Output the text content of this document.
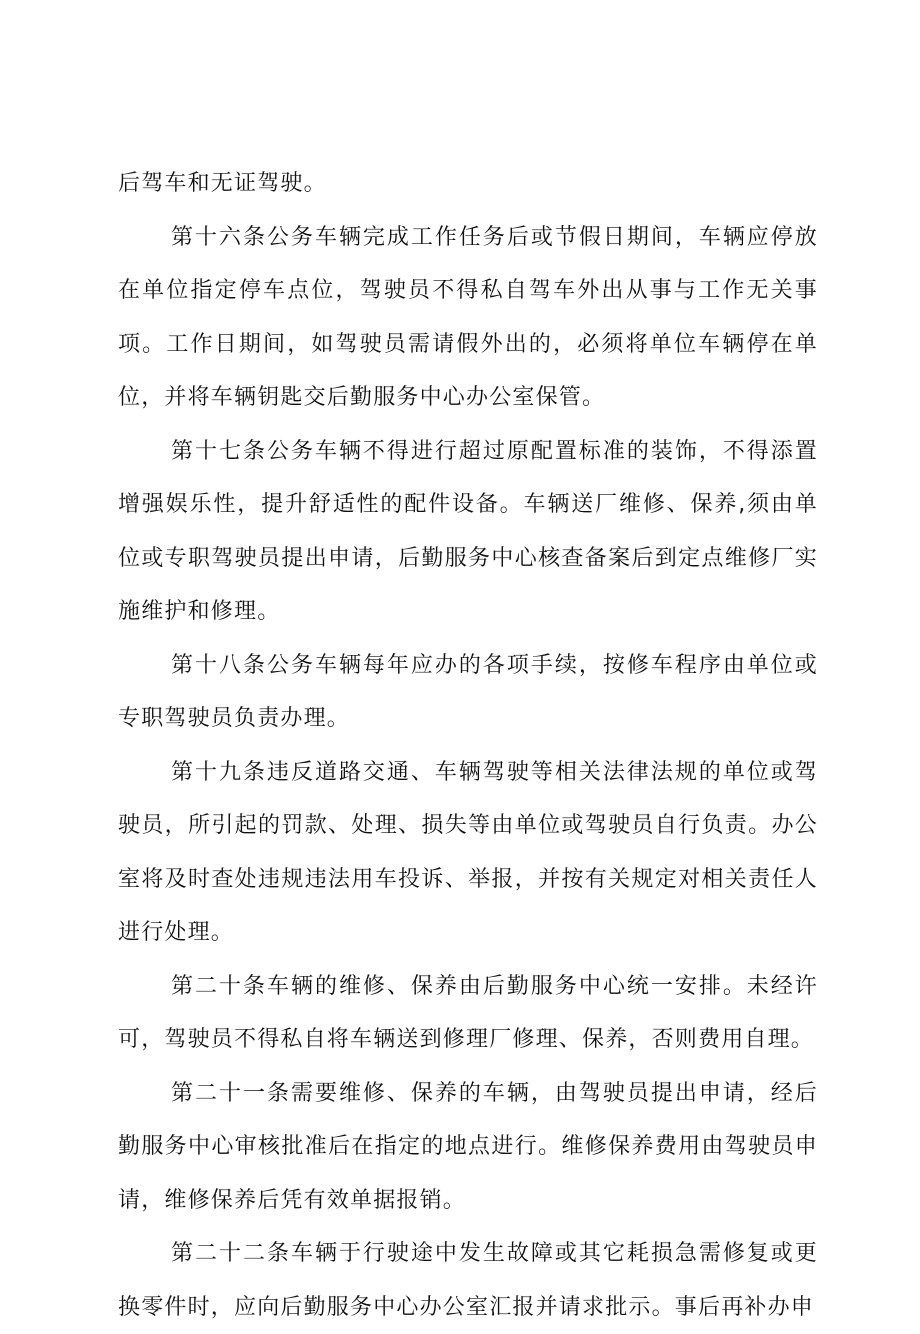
后驾车和无证驾驶。

第十六条公务车辆完成工作任务后或节假日期间，车辆应停放在单位指定停车点位，驾驶员不得私自驾车外出从事与工作无关事项。工作日期间，如驾驶员需请假外出的，必须将单位车辆停在单位，并将车辆钥匙交后勤服务中心办公室保管。

第十七条公务车辆不得进行超过原配置标准的装饰，不得添置增强娱乐性，提升舒适性的配件设备。车辆送厂维修、保养,须由单位或专职驾驶员提出申请，后勤服务中心核查备案后到定点维修厂实施维护和修理。

第十八条公务车辆每年应办的各项手续，按修车程序由单位或专职驾驶员负责办理。

第十九条违反道路交通、车辆驾驶等相关法律法规的单位或驾驶员，所引起的罚款、处理、损失等由单位或驾驶员自行负责。办公室将及时查处违规违法用车投诉、举报，并按有关规定对相关责任人进行处理。

第二十条车辆的维修、保养由后勤服务中心统一安排。未经许可，驾驶员不得私自将车辆送到修理厂修理、保养，否则费用自理。

第二十一条需要维修、保养的车辆，由驾驶员提出申请，经后勤服务中心审核批准后在指定的地点进行。维修保养费用由驾驶员申请，维修保养后凭有效单据报销。

第二十二条车辆于行驶途中发生故障或其它耗损急需修复或更换零件时，应向后勤服务中心办公室汇报并请求批示。事后再补办申
